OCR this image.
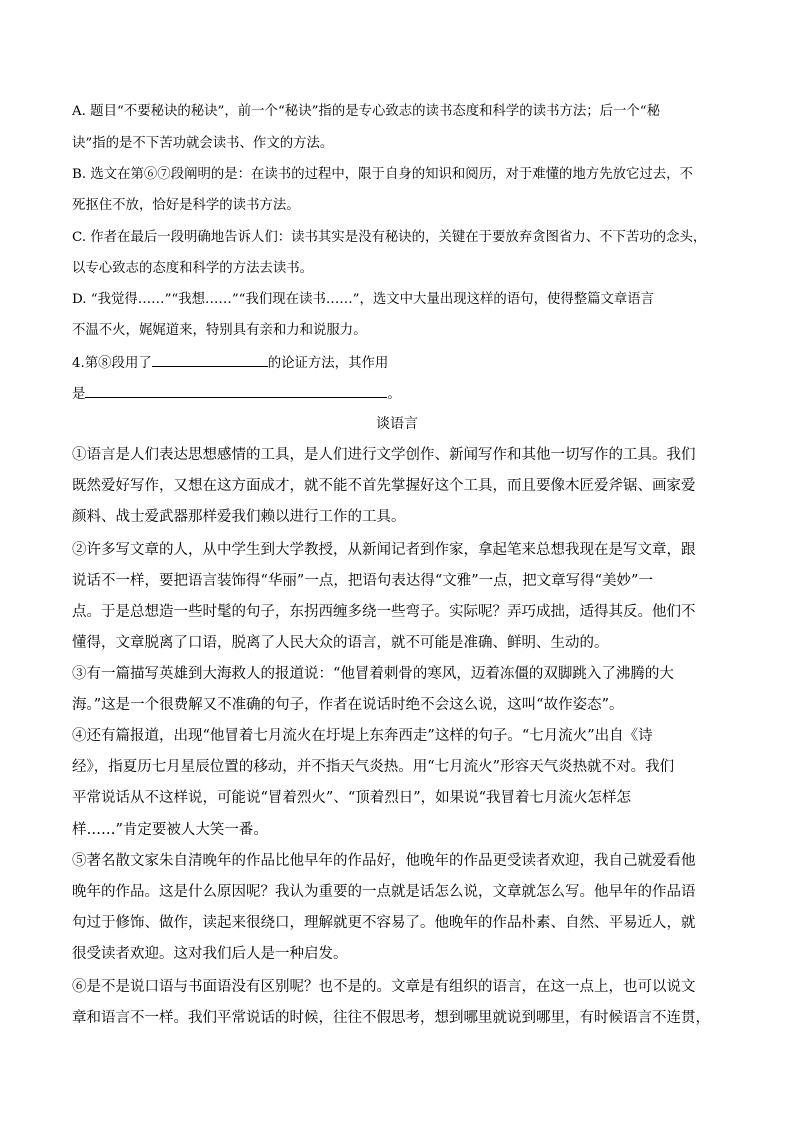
A. 题目“不要秘诀的秘诀”，前一个“秘诀”指的是专心致志的读书态度和科学的读书方法；后一个“秘
诀”指的是不下苦功就会读书、作文的方法。
B. 选文在第⑥⑦段阐明的是：在读书的过程中，限于自身的知识和阅历，对于难懂的地方先放它过去，不
死抠住不放，恰好是科学的读书方法。
C. 作者在最后一段明确地告诉人们：读书其实是没有秘诀的，关键在于要放弃贪图省力、不下苦功的念头，
以专心致志的态度和科学的方法去读书。
D. “我觉得……”“我想……”“我们现在读书……”，选文中大量出现这样的语句，使得整篇文章语言
不温不火，娓娓道来，特别具有亲和力和说服力。
4.第⑧段用了	的论证方法，其作用
是	。
谈语言
①语言是人们表达思想感情的工具，是人们进行文学创作、新闻写作和其他一切写作的工具。我们
既然爱好写作，又想在这方面成才，就不能不首先掌握好这个工具，而且要像木匠爱斧锯、画家爱
颜料、战士爱武器那样爱我们赖以进行工作的工具。
②许多写文章的人，从中学生到大学教授，从新闻记者到作家，拿起笔来总想我现在是写文章，跟
说话不一样，要把语言装饰得“华丽”一点，把语句表达得“文雅”一点，把文章写得“美妙”一
点。于是总想造一些时髦的句子，东拐西缠多绕一些弯子。实际呢？弄巧成拙，适得其反。他们不
懂得，文章脱离了口语，脱离了人民大众的语言，就不可能是准确、鲜明、生动的。
③有一篇描写英雄到大海救人的报道说：“他冒着刺骨的寒风，迈着冻僵的双脚跳入了沸腾的大
海。”这是一个很费解又不准确的句子，作者在说话时绝不会这么说，这叫“故作姿态”。
④还有篇报道，出现“他冒着七月流火在圩堤上东奔西走”这样的句子。“七月流火”出自《诗
经》，指夏历七月星辰位置的移动，并不指天气炎热。用“七月流火”形容天气炎热就不对。我们
平常说话从不这样说，可能说“冒着烈火”、“顶着烈日”，如果说“我冒着七月流火怎样怎
样……”肯定要被人大笑一番。
⑤著名散文家朱自清晚年的作品比他早年的作品好，他晚年的作品更受读者欢迎，我自己就爱看他
晚年的作品。这是什么原因呢？我认为重要的一点就是话怎么说，文章就怎么写。他早年的作品语
句过于修饰、做作，读起来很绕口，理解就更不容易了。他晚年的作品朴素、自然、平易近人，就
很受读者欢迎。这对我们后人是一种启发。
⑥是不是说口语与书面语没有区别呢？也不是的。文章是有组织的语言，在这一点上，也可以说文
章和语言不一样。我们平常说话的时候，往往不假思考，想到哪里就说到哪里，有时候语言不连贯，
